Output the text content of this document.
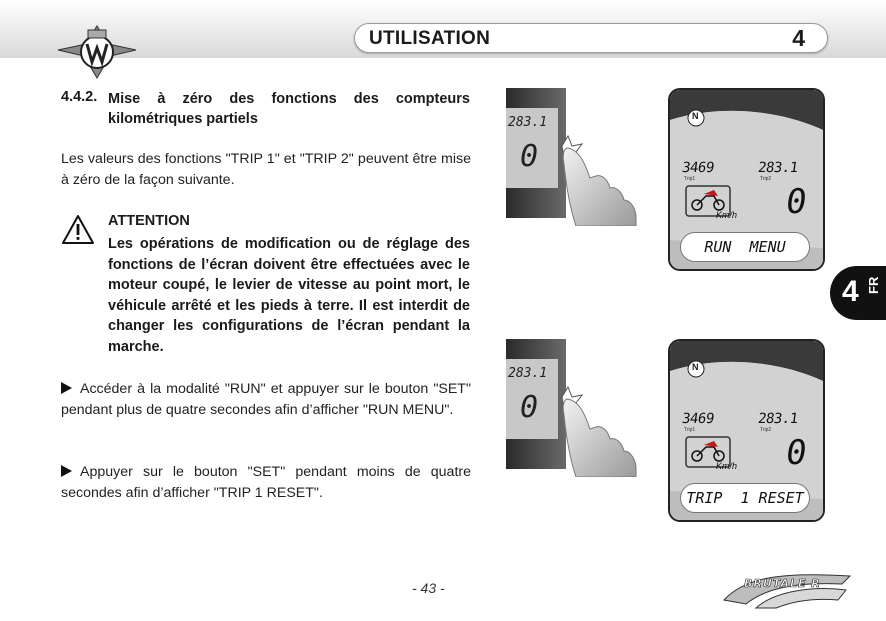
UTILISATION	4
4.4.2. Mise à zéro des fonctions des compteurs kilométriques partiels
Les valeurs des fonctions "TRIP 1" et "TRIP 2" peuvent être mise à zéro de la façon suivante.
ATTENTION
Les opérations de modification ou de réglage des fonctions de l’écran doivent être effectuées avec le moteur coupé, le levier de vitesse au point mort, le véhicule arrêté et les pieds à terre. Il est interdit de changer les configurations de l’écran pendant la marche.
Accéder à la modalité "RUN" et appuyer sur le bouton "SET" pendant plus de quatre secondes afin d’afficher "RUN MENU".
Appuyer sur le bouton "SET" pendant moins de quatre secondes afin d’afficher "TRIP 1 RESET".
283.1
0
283.1
0
N
3469
Trip1
283.1
Trip2
Km/h 0
RUN  MENU
N
3469
Trip1
283.1
Trip2
Km/h 0
TRIP  1 RESET
4 FR
- 43 -	BRUTALE R
